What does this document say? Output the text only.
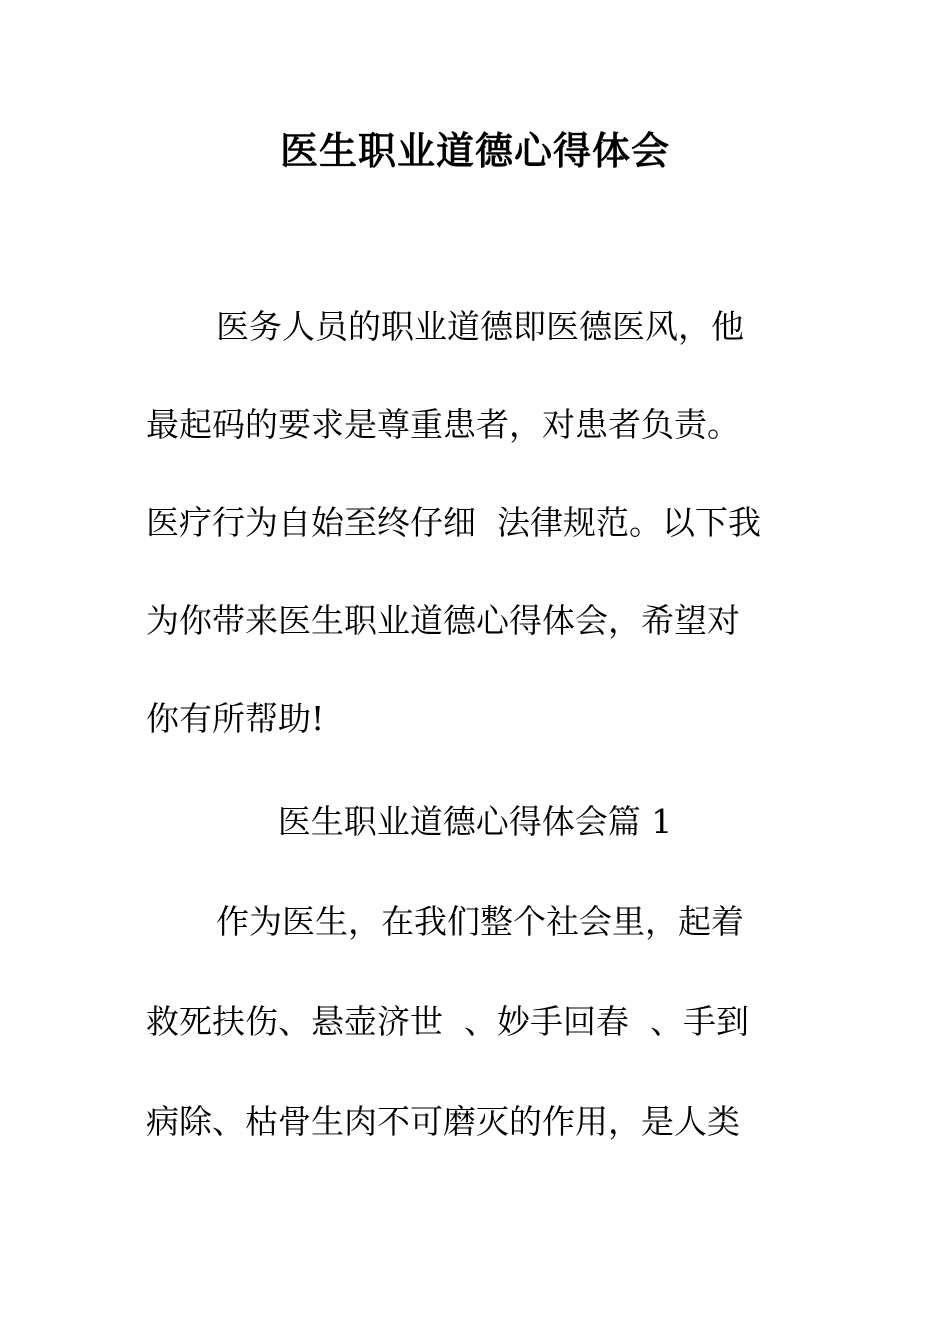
医生职业道德心得体会
医务人员的职业道德即医德医风，他
最起码的要求是尊重患者，对患者负责。
医疗行为自始至终仔细  法律规范。以下我
为你带来医生职业道德心得体会，希望对
你有所帮助!
医生职业道德心得体会篇 1
作为医生，在我们整个社会里，起着
救死扶伤、悬壶济世  、妙手回春  、手到
病除、枯骨生肉不可磨灭的作用，是人类
